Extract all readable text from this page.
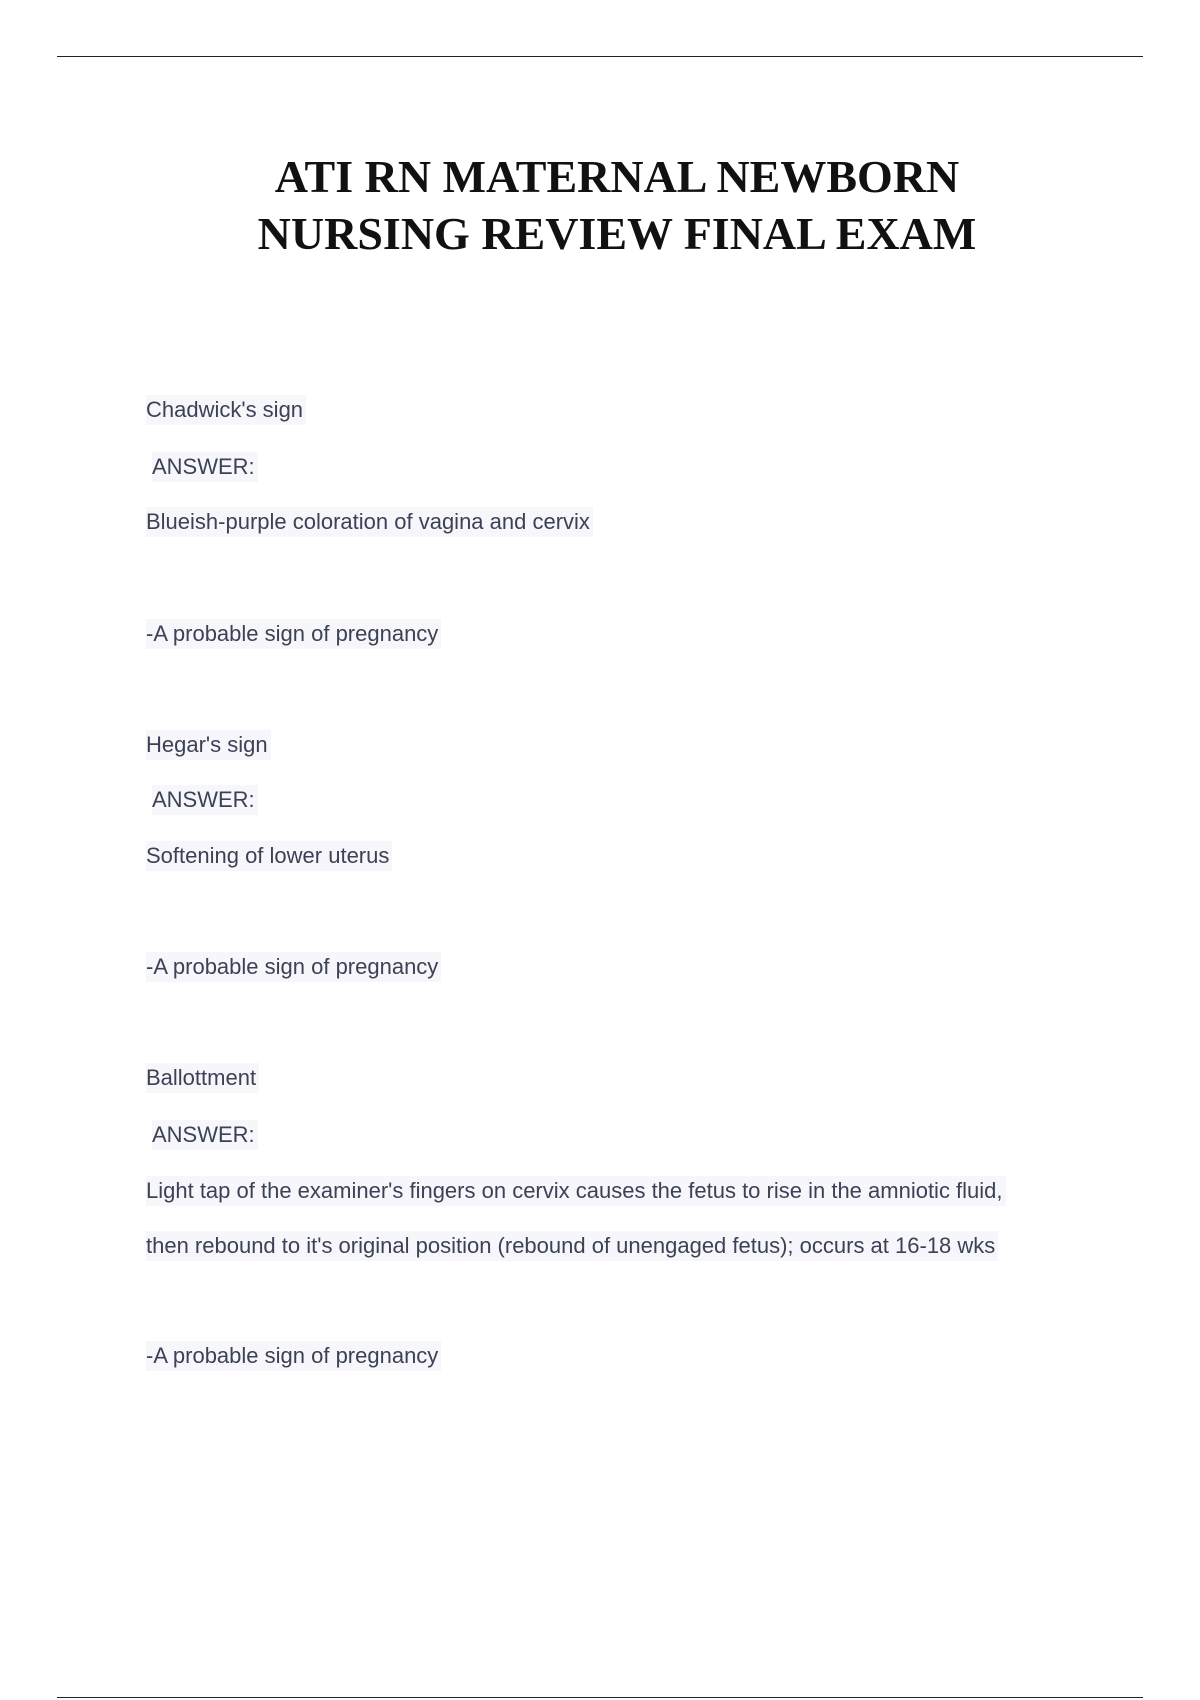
ATI RN MATERNAL NEWBORN
NURSING REVIEW FINAL EXAM
Chadwick's sign
ANSWER:
Blueish-purple coloration of vagina and cervix
-A probable sign of pregnancy
Hegar's sign
ANSWER:
Softening of lower uterus
-A probable sign of pregnancy
Ballottment
ANSWER:
Light tap of the examiner's fingers on cervix causes the fetus to rise in the amniotic fluid,
then rebound to it's original position (rebound of unengaged fetus); occurs at 16-18 wks
-A probable sign of pregnancy
